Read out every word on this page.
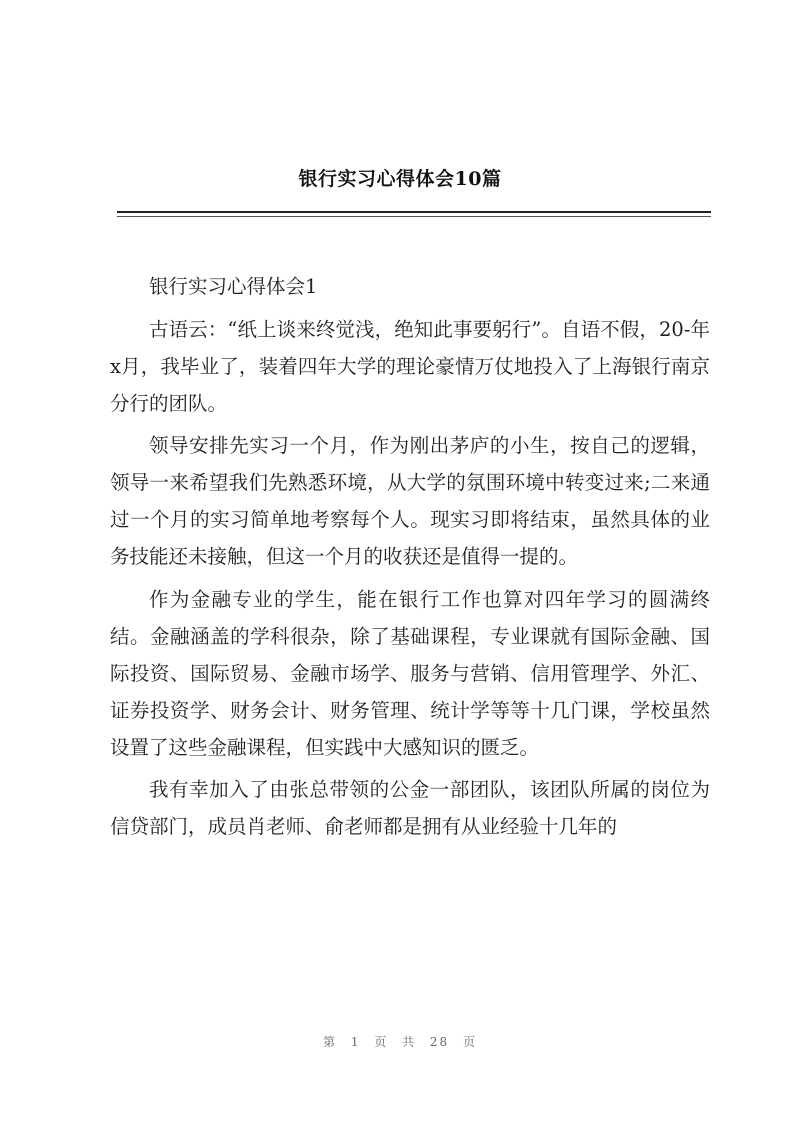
银行实习心得体会10篇

银行实习心得体会1

古语云：“纸上谈来终觉浅，绝知此事要躬行”。自语不假，20-年x月，我毕业了，装着四年大学的理论豪情万仗地投入了上海银行南京分行的团队。

领导安排先实习一个月，作为刚出茅庐的小生，按自己的逻辑，领导一来希望我们先熟悉环境，从大学的氛围环境中转变过来;二来通过一个月的实习简单地考察每个人。现实习即将结束，虽然具体的业务技能还未接触，但这一个月的收获还是值得一提的。

作为金融专业的学生，能在银行工作也算对四年学习的圆满终结。金融涵盖的学科很杂，除了基础课程，专业课就有国际金融、国际投资、国际贸易、金融市场学、服务与营销、信用管理学、外汇、证券投资学、财务会计、财务管理、统计学等等十几门课，学校虽然设置了这些金融课程，但实践中大感知识的匮乏。

我有幸加入了由张总带领的公金一部团队，该团队所属的岗位为信贷部门，成员肖老师、俞老师都是拥有从业经验十几年的

第 1 页 共 28 页
